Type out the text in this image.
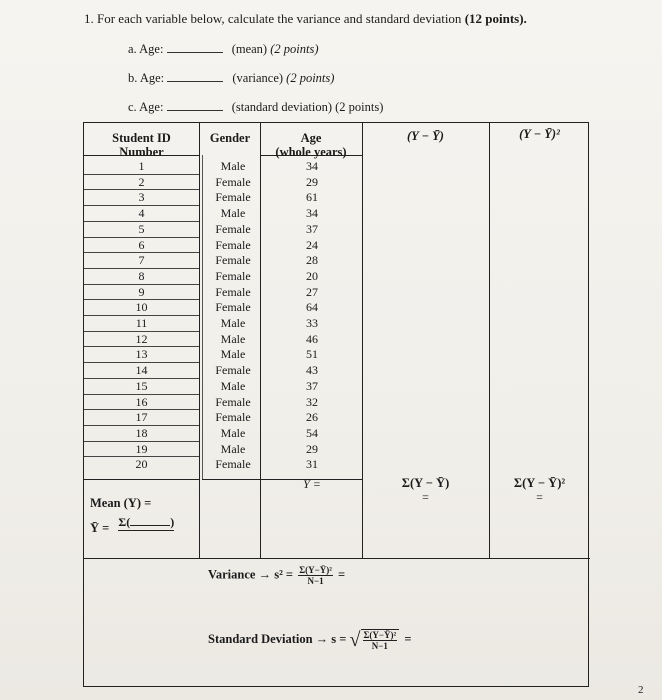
1. For each variable below, calculate the variance and standard deviation (12 points).
a. Age:	(mean) (2 points)
b. Age:	(variance) (2 points)
c. Age:	(standard deviation) (2 points)
Student ID
Number
Gender	Age
(whole years)
(Y − Ȳ)	(Y − Ȳ)²
1	Male	34
2	Female	29
3	Female	61
4	Male	34
5	Female	37
6	Female	24
7	Female	28
8	Female	20
9	Female	27
10	Female	64
11	Male	33
12	Male	46
13	Male	51
14	Female	43
15	Male	37
16	Female	32
17	Female	26
18	Male	54
19	Male	29
20	Female	31
Ȳ =	Σ(Y − Ȳ)
=
Σ(Y − Ȳ)²
=
Mean (Y) =
Ȳ = Σ(	)
Variance → $s^2 = \frac{\text{Σ(Y−Ȳ)²}}{N-1}$ =
Standard Deviation → s = √ $\frac{\text{Σ(Y−Ȳ)²}}{N-1}$ =
2
